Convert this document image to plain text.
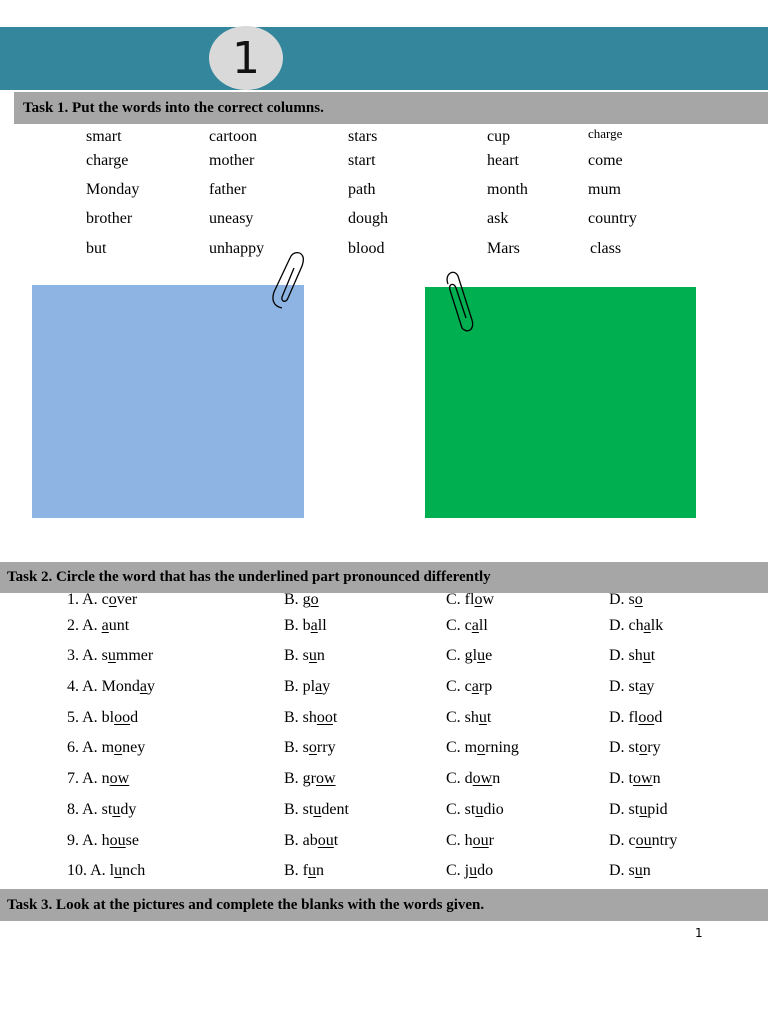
1
Task 1. Put the words into the correct columns.
smart	cartoon	stars	cup	charge
charge	mother	start	heart	come
Monday	father	path	month	mum
brother	uneasy	dough	ask	country
but	unhappy	blood	Mars	class
Task 2. Circle the word that has the underlined part pronounced differently
1. A. cover	B. go	C. flow	D. so
2. A. aunt	B. ball	C. call	D. chalk
3. A. summer	B. sun	C. glue	D. shut
4. A. Monday	B. play	C. carp	D. stay
5. A. blood	B. shoot	C. shut	D. flood
6. A. money	B. sorry	C. morning	D. story
7. A. now	B. grow	C. down	D. town
8. A. study	B. student	C. studio	D. stupid
9. A. house	B. about	C. hour	D. country
10. A. lunch	B. fun	C. judo	D. sun
Task 3. Look at the pictures and complete the blanks with the words given.
1
